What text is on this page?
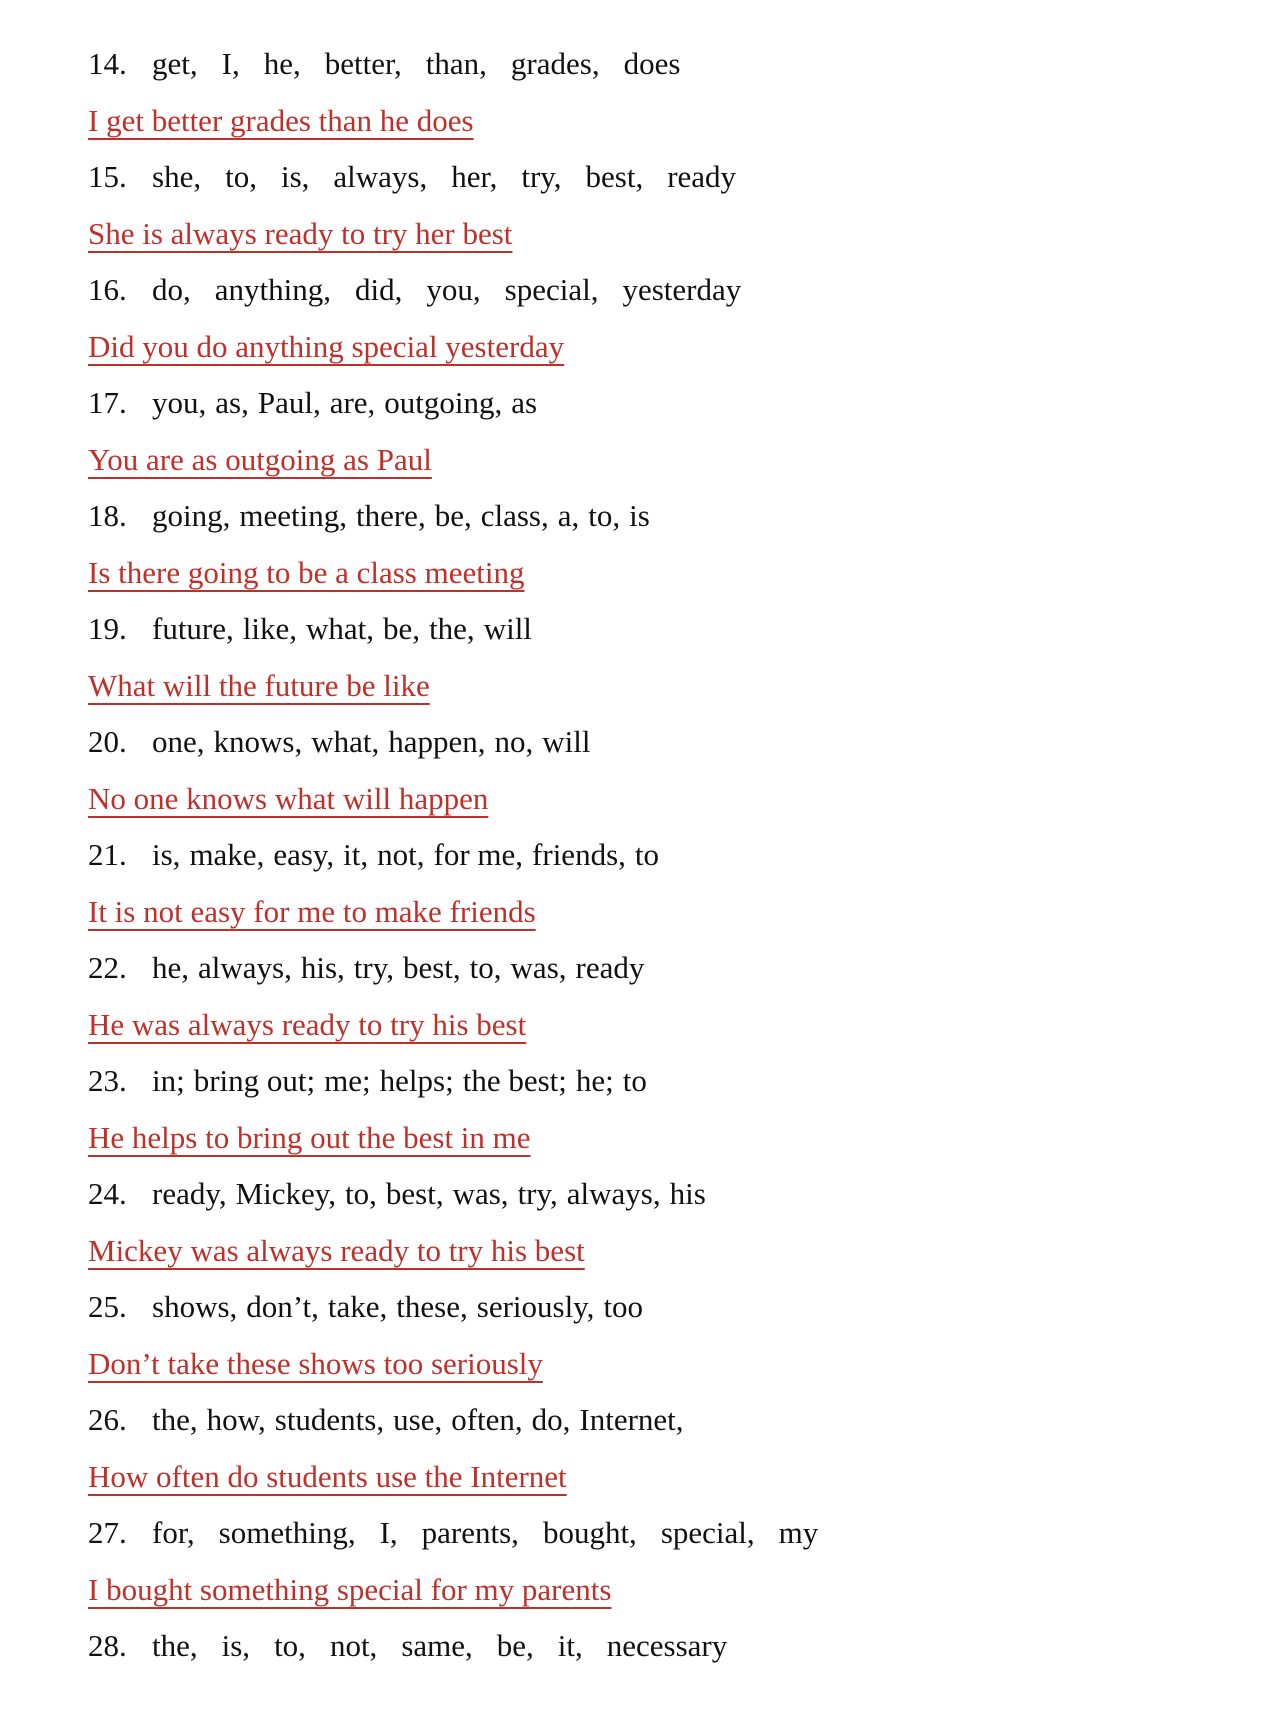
14. get, I, he, better, than, grades, does
I get better grades than he does
15. she, to, is, always, her, try, best, ready
She is always ready to try her best
16. do, anything, did, you, special, yesterday
Did you do anything special yesterday
17. you, as, Paul, are, outgoing, as
You are as outgoing as Paul
18. going, meeting, there, be, class, a, to, is
Is there going to be a class meeting
19. future, like, what, be, the, will
What will the future be like
20. one, knows, what, happen, no, will
No one knows what will happen
21. is, make, easy, it, not, for me, friends, to
It is not easy for me to make friends
22. he, always, his, try, best, to, was, ready
He was always ready to try his best
23. in; bring out; me; helps; the best; he; to
He helps to bring out the best in me
24. ready, Mickey, to, best, was, try, always, his
Mickey was always ready to try his best
25. shows, don’t, take, these, seriously, too
Don’t take these shows too seriously
26. the, how, students, use, often, do, Internet,
How often do students use the Internet
27. for, something, I, parents, bought, special, my
I bought something special for my parents
28. the, is, to, not, same, be, it, necessary
